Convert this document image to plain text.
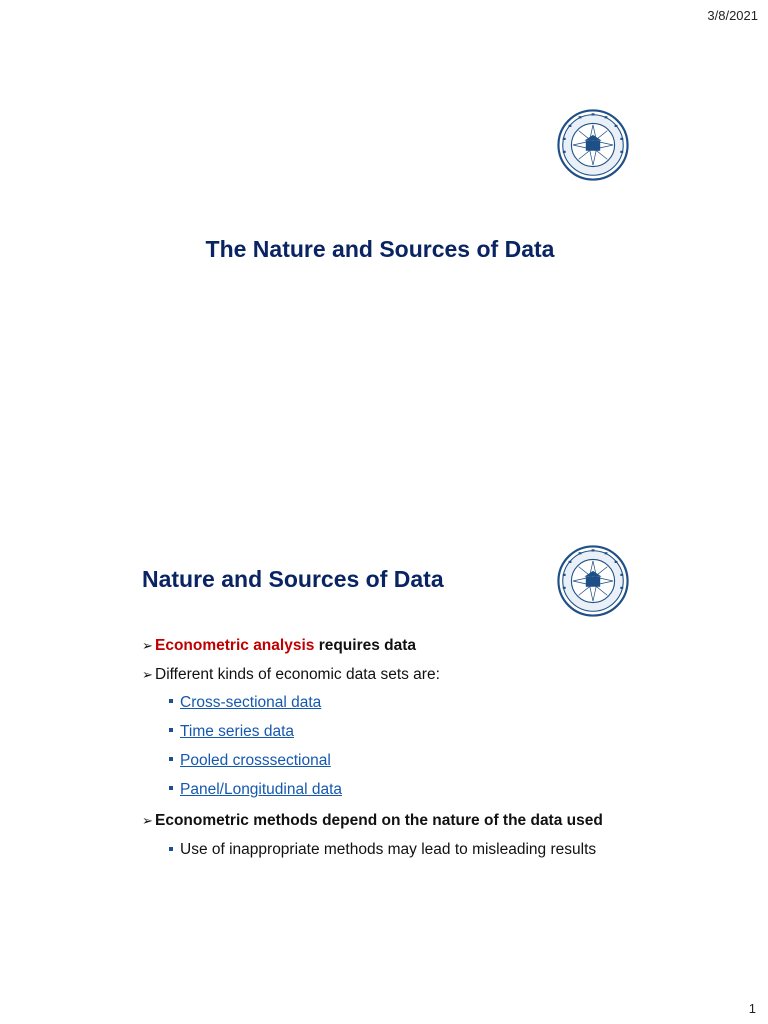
3/8/2021
The Nature and Sources of Data
Nature and Sources of Data
➢ Econometric analysis requires data
➢ Different kinds of economic data sets are:
Cross-sectional data
Time series data
Pooled crosssectional
Panel/Longitudinal data
➢ Econometric methods depend on the nature of the data used
Use of inappropriate methods may lead to misleading results
1
